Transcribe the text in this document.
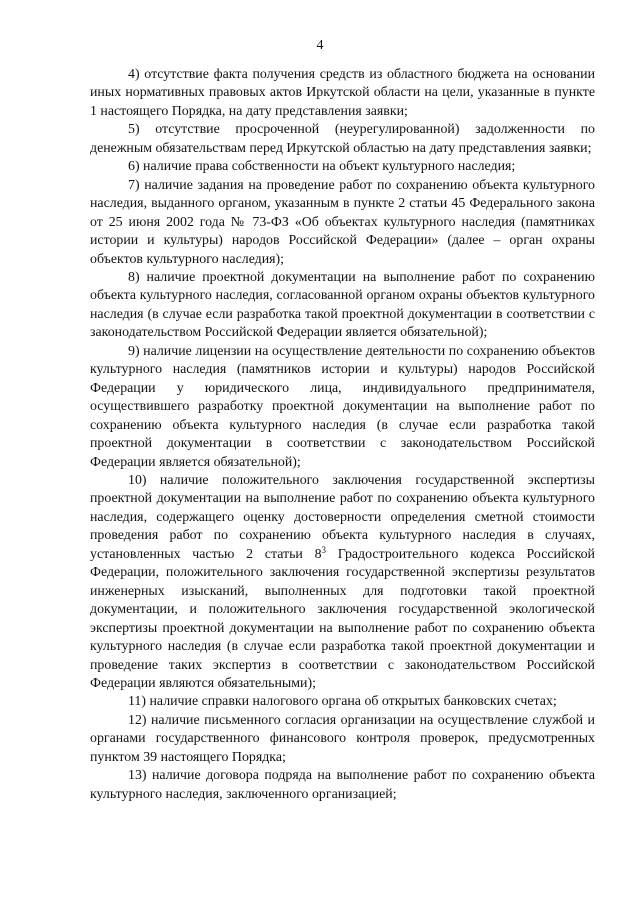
4

4) отсутствие факта получения средств из областного бюджета на основании иных нормативных правовых актов Иркутской области на цели, указанные в пункте 1 настоящего Порядка, на дату представления заявки;

5) отсутствие просроченной (неурегулированной) задолженности по денежным обязательствам перед Иркутской областью на дату представления заявки;

6) наличие права собственности на объект культурного наследия;

7) наличие задания на проведение работ по сохранению объекта культурного наследия, выданного органом, указанным в пункте 2 статьи 45 Федерального закона от 25 июня 2002 года № 73-ФЗ «Об объектах культурного наследия (памятниках истории и культуры) народов Российской Федерации» (далее – орган охраны объектов культурного наследия);

8) наличие проектной документации на выполнение работ по сохранению объекта культурного наследия, согласованной органом охраны объектов культурного наследия (в случае если разработка такой проектной документации в соответствии с законодательством Российской Федерации является обязательной);

9) наличие лицензии на осуществление деятельности по сохранению объектов культурного наследия (памятников истории и культуры) народов Российской Федерации у юридического лица, индивидуального предпринимателя, осуществившего разработку проектной документации на выполнение работ по сохранению объекта культурного наследия (в случае если разработка такой проектной документации в соответствии с законодательством Российской Федерации является обязательной);

10) наличие положительного заключения государственной экспертизы проектной документации на выполнение работ по сохранению объекта культурного наследия, содержащего оценку достоверности определения сметной стоимости проведения работ по сохранению объекта культурного наследия в случаях, установленных частью 2 статьи $8^3$ Градостроительного кодекса Российской Федерации, положительного заключения государственной экспертизы результатов инженерных изысканий, выполненных для подготовки такой проектной документации, и положительного заключения государственной экологической экспертизы проектной документации на выполнение работ по сохранению объекта культурного наследия (в случае если разработка такой проектной документации и проведение таких экспертиз в соответствии с законодательством Российской Федерации являются обязательными);

11) наличие справки налогового органа об открытых банковских счетах;

12) наличие письменного согласия организации на осуществление службой и органами государственного финансового контроля проверок, предусмотренных пунктом 39 настоящего Порядка;

13) наличие договора подряда на выполнение работ по сохранению объекта культурного наследия, заключенного организацией;
